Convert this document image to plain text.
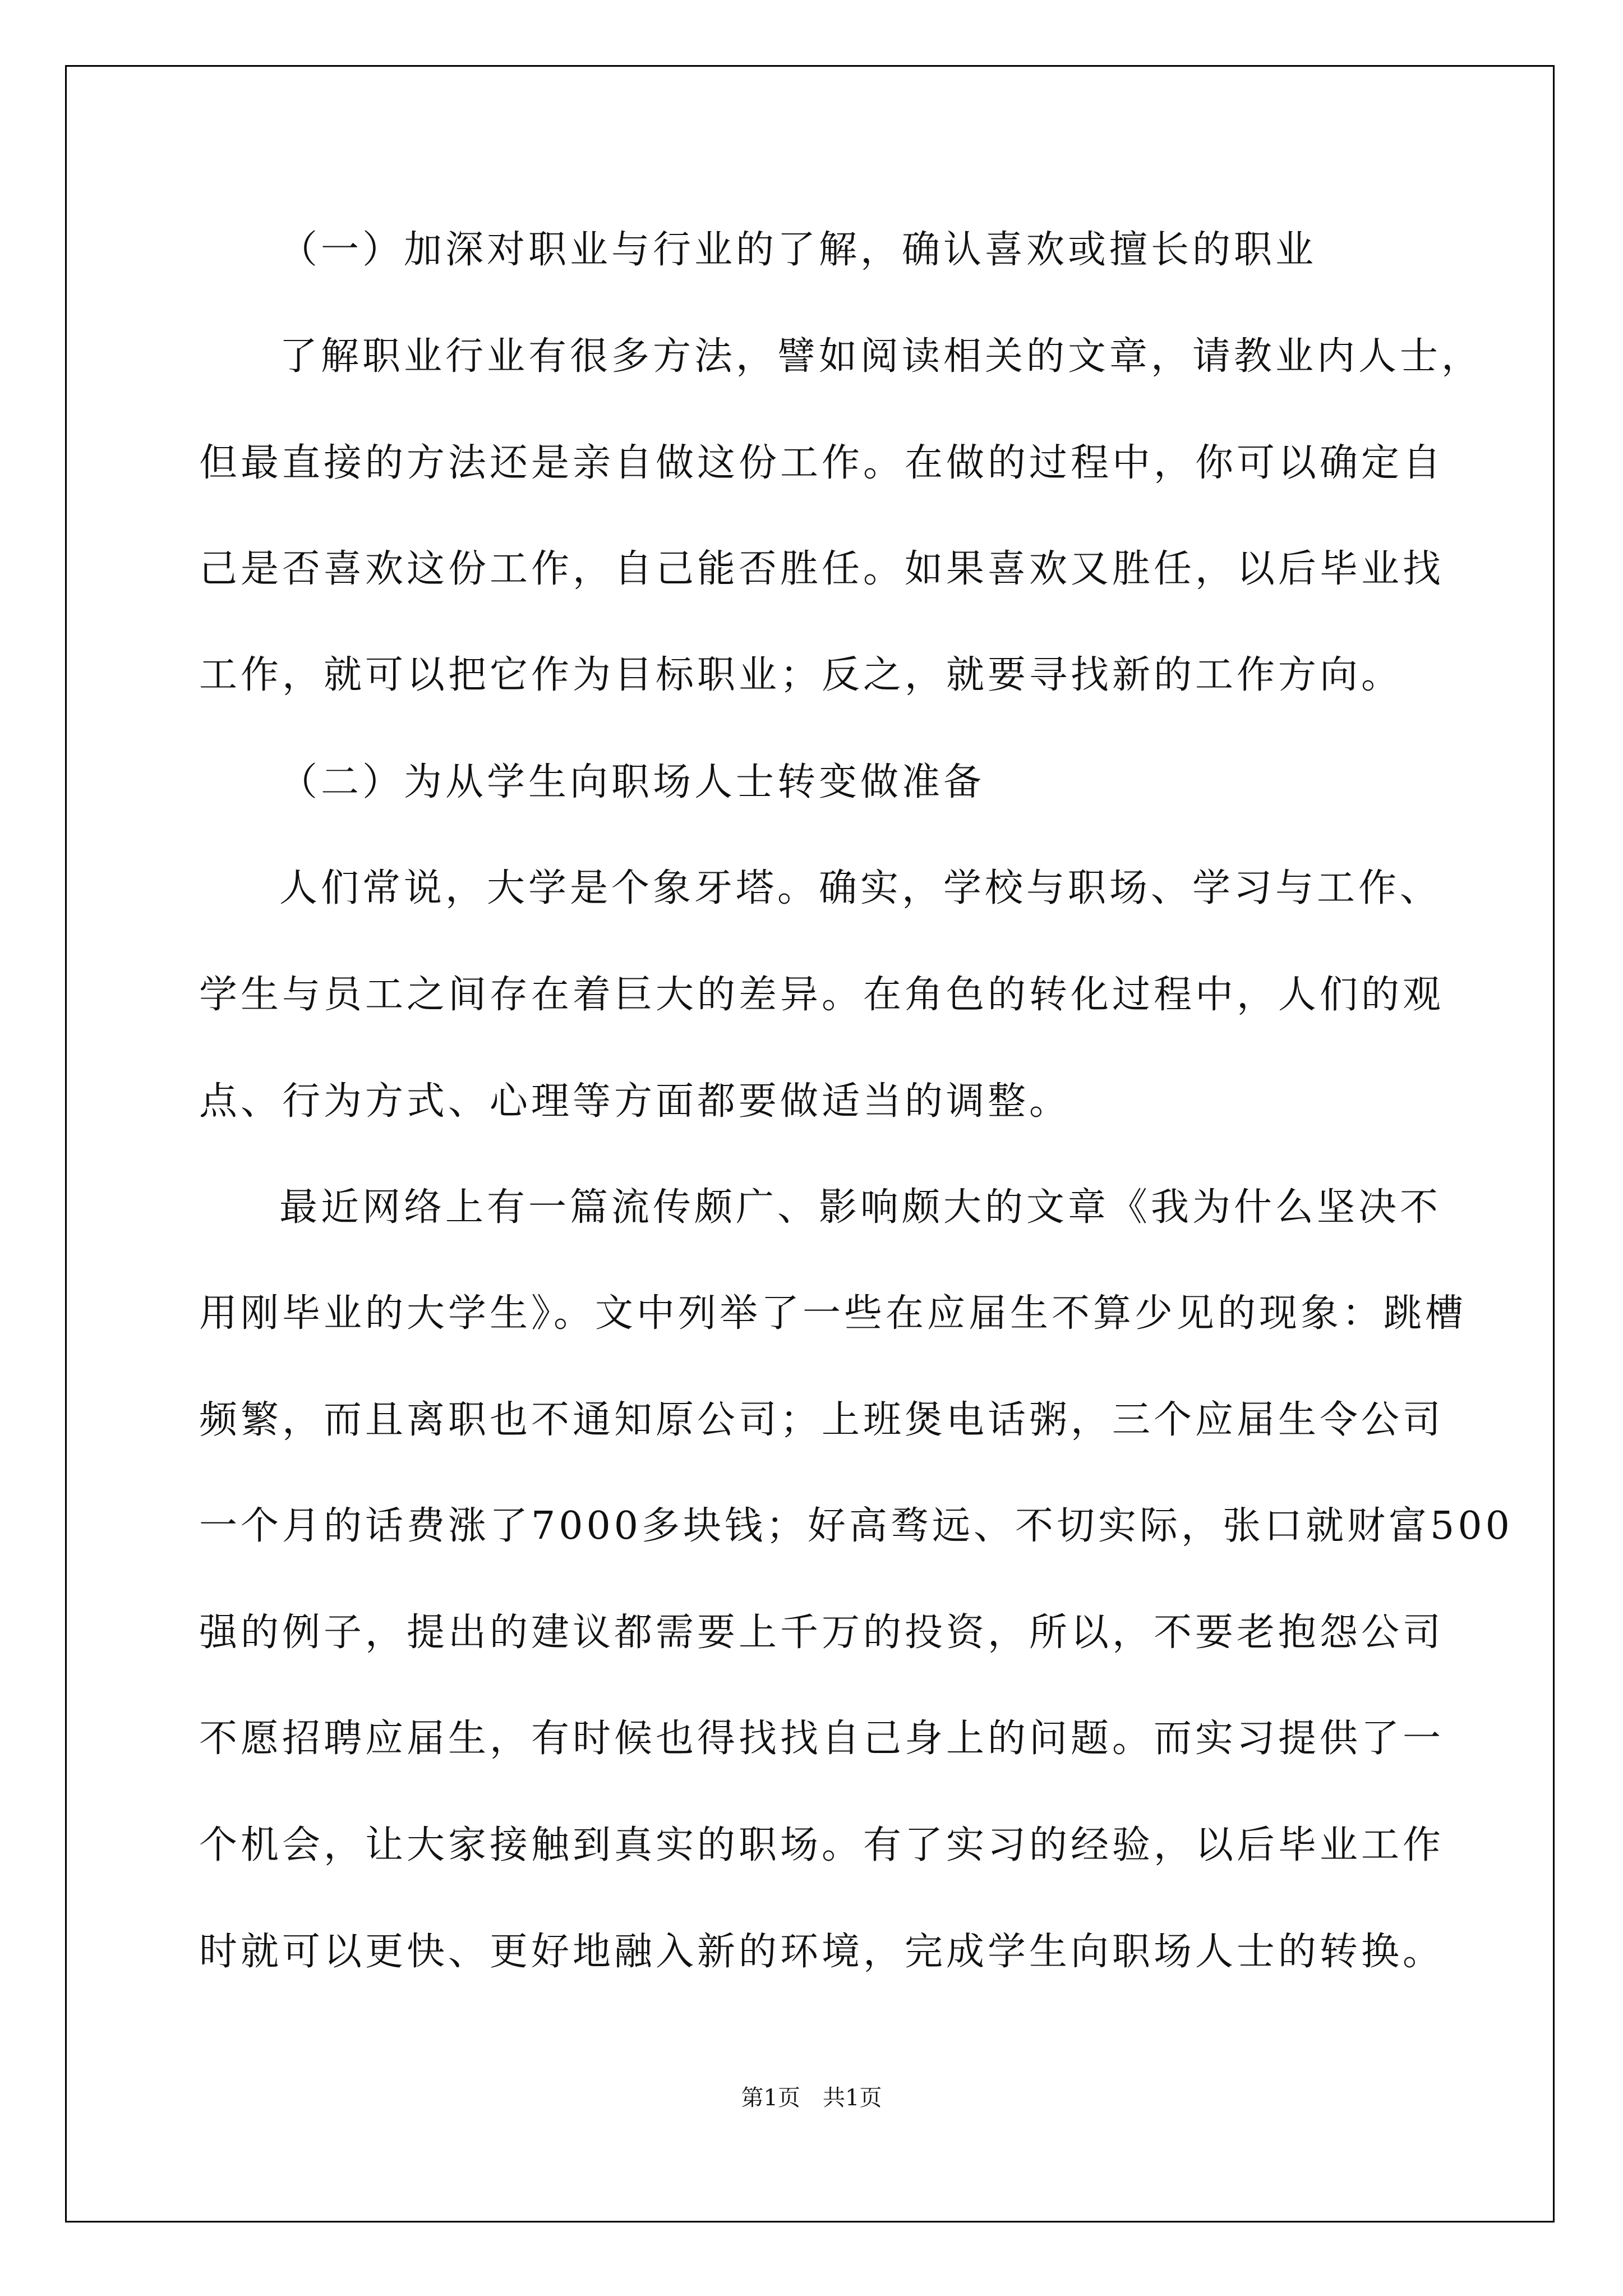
（一）加深对职业与行业的了解，确认喜欢或擅长的职业
了解职业行业有很多方法，譬如阅读相关的文章，请教业内人士，
但最直接的方法还是亲自做这份工作。在做的过程中，你可以确定自
己是否喜欢这份工作，自己能否胜任。如果喜欢又胜任，以后毕业找
工作，就可以把它作为目标职业；反之，就要寻找新的工作方向。
（二）为从学生向职场人士转变做准备
人们常说，大学是个象牙塔。确实，学校与职场、学习与工作、
学生与员工之间存在着巨大的差异。在角色的转化过程中，人们的观
点、行为方式、心理等方面都要做适当的调整。
最近网络上有一篇流传颇广、影响颇大的文章《我为什么坚决不
用刚毕业的大学生》。文中列举了一些在应届生不算少见的现象：跳槽
频繁，而且离职也不通知原公司；上班煲电话粥，三个应届生令公司
一个月的话费涨了7000多块钱；好高骛远、不切实际，张口就财富500
强的例子，提出的建议都需要上千万的投资，所以，不要老抱怨公司
不愿招聘应届生，有时候也得找找自己身上的问题。而实习提供了一
个机会，让大家接触到真实的职场。有了实习的经验，以后毕业工作
时就可以更快、更好地融入新的环境，完成学生向职场人士的转换。
第1页　共1页
